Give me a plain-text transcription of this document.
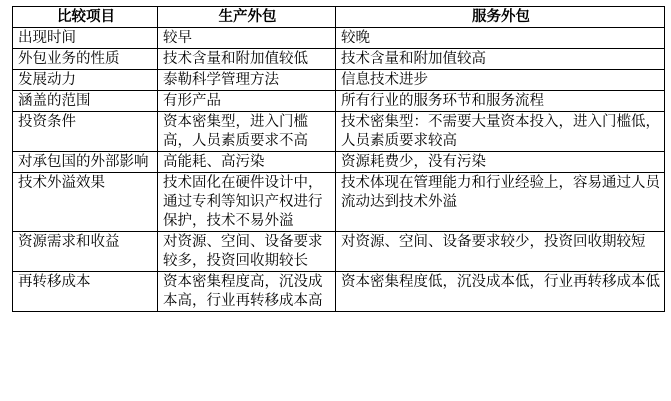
比较项目	生产外包	服务外包
出现时间	较早	较晚
外包业务的性质	技术含量和附加值较低	技术含量和附加值较高
发展动力	泰勒科学管理方法	信息技术进步
涵盖的范围	有形产品	所有行业的服务环节和服务流程
投资条件	资本密集型，进入门槛高，人员素质要求不高	技术密集型：不需要大量资本投入，进入门槛低，人员素质要求较高
对承包国的外部影响	高能耗、高污染	资源耗费少，没有污染
技术外溢效果	技术固化在硬件设计中，通过专利等知识产权进行保护，技术不易外溢	技术体现在管理能力和行业经验上，容易通过人员流动达到技术外溢
资源需求和收益	对资源、空间、设备要求较多，投资回收期较长	对资源、空间、设备要求较少，投资回收期较短
再转移成本	资本密集程度高，沉没成本高，行业再转移成本高	资本密集程度低，沉没成本低，行业再转移成本低
